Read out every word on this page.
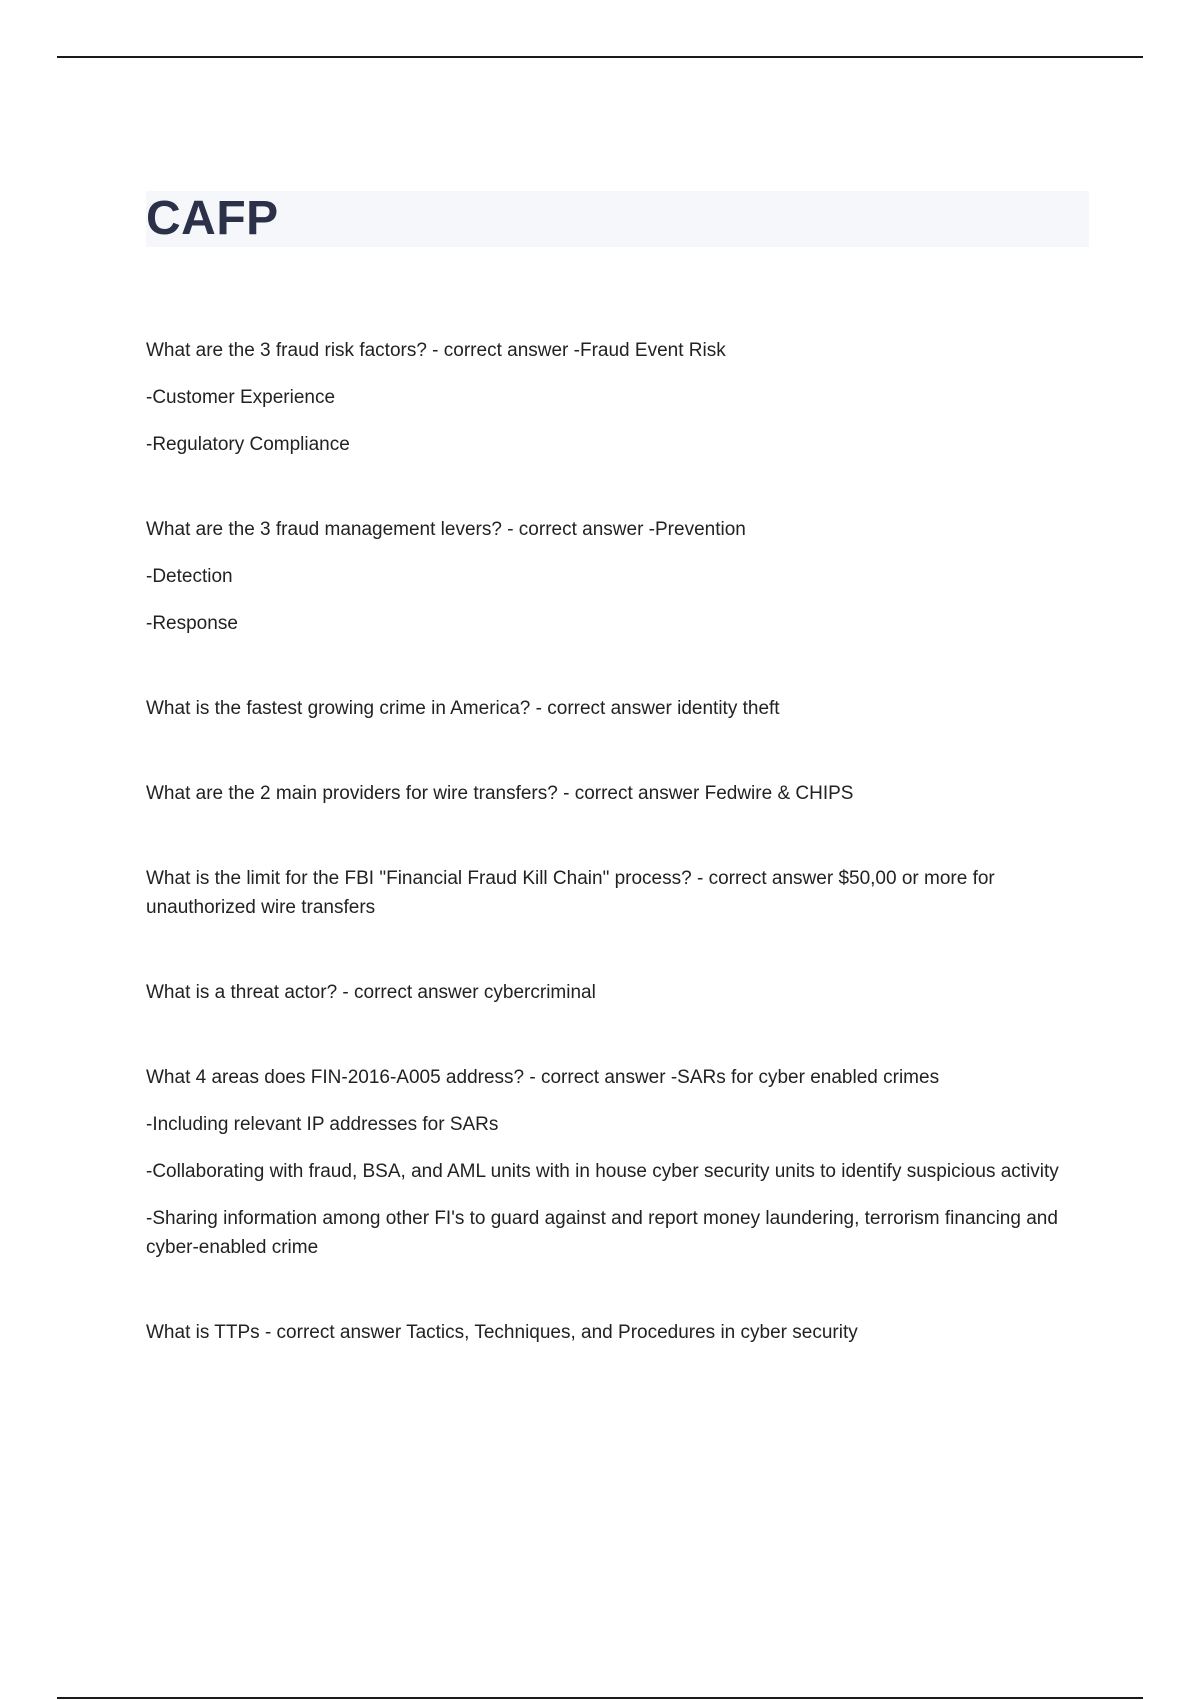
CAFP

What are the 3 fraud risk factors? - correct answer -Fraud Event Risk

-Customer Experience

-Regulatory Compliance

What are the 3 fraud management levers? - correct answer -Prevention

-Detection

-Response

What is the fastest growing crime in America? - correct answer identity theft

What are the 2 main providers for wire transfers? - correct answer Fedwire & CHIPS

What is the limit for the FBI "Financial Fraud Kill Chain" process? - correct answer $50,00 or more for unauthorized wire transfers

What is a threat actor? - correct answer cybercriminal

What 4 areas does FIN-2016-A005 address? - correct answer -SARs for cyber enabled crimes

-Including relevant IP addresses for SARs

-Collaborating with fraud, BSA, and AML units with in house cyber security units to identify suspicious activity

-Sharing information among other FI's to guard against and report money laundering, terrorism financing and cyber-enabled crime

What is TTPs - correct answer Tactics, Techniques, and Procedures in cyber security
